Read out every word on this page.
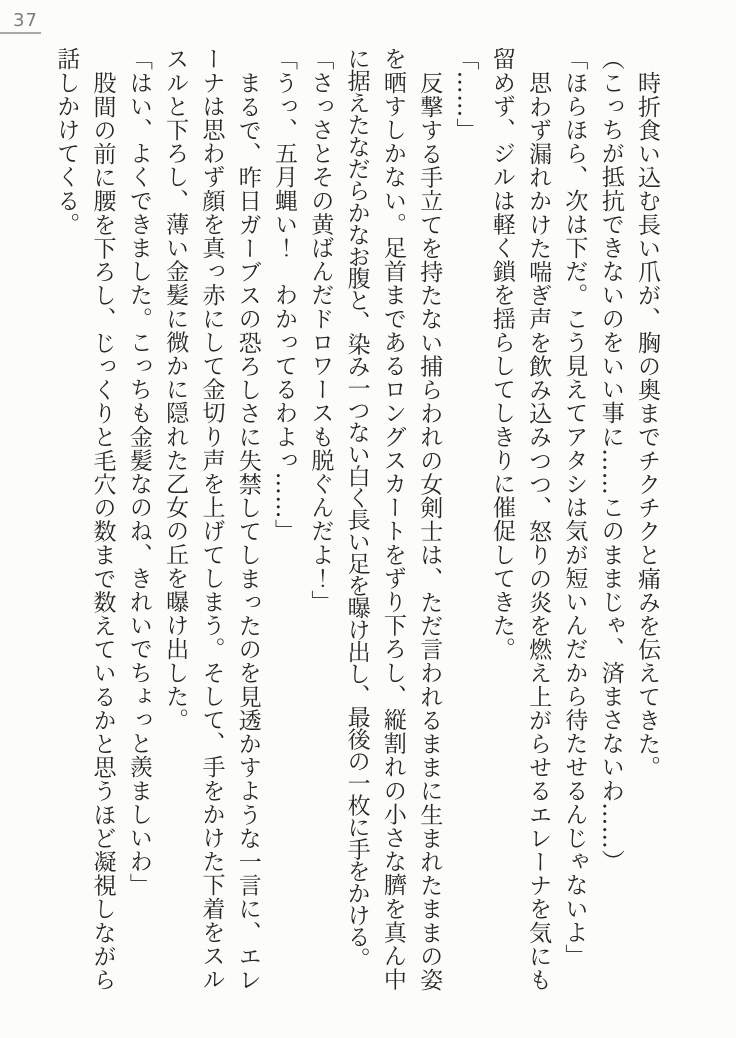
37

時折食い込む長い爪が、胸の奥までチクチクと痛みを伝えてきた。

（こっちが抵抗できないのをいい事に……このままじゃ、済まさないわ……）

「ほらほら、次は下だ。こう見えてアタシは気が短いんだから待たせるんじゃないよ」

思わず漏れかけた喘ぎ声を飲み込みつつ、怒りの炎を燃え上がらせるエレーナを気にも

留めず、ジルは軽く鎖を揺らしてしきりに催促してきた。

「……」

反撃する手立てを持たない捕らわれの女剣士は、ただ言われるままに生まれたままの姿

を晒すしかない。足首まであるロングスカートをずり下ろし、縦割れの小さな臍を真ん中

に据えたなだらかなお腹と、染み一つない白く長い足を曝け出し、最後の一枚に手をかける。

「さっさとその黄ばんだドロワースも脱ぐんだよ！」

「うっ、五月蝿い！　わかってるわよっ……」

まるで、昨日ガーブスの恐ろしさに失禁してしまったのを見透かすような一言に、エレ

ーナは思わず顔を真っ赤にして金切り声を上げてしまう。そして、手をかけた下着をスル

スルと下ろし、薄い金髪に微かに隠れた乙女の丘を曝け出した。

「はい、よくできました。こっちも金髪なのね、きれいでちょっと羨ましいわ」

股間の前に腰を下ろし、じっくりと毛穴の数まで数えているかと思うほど凝視しながら

話しかけてくる。
